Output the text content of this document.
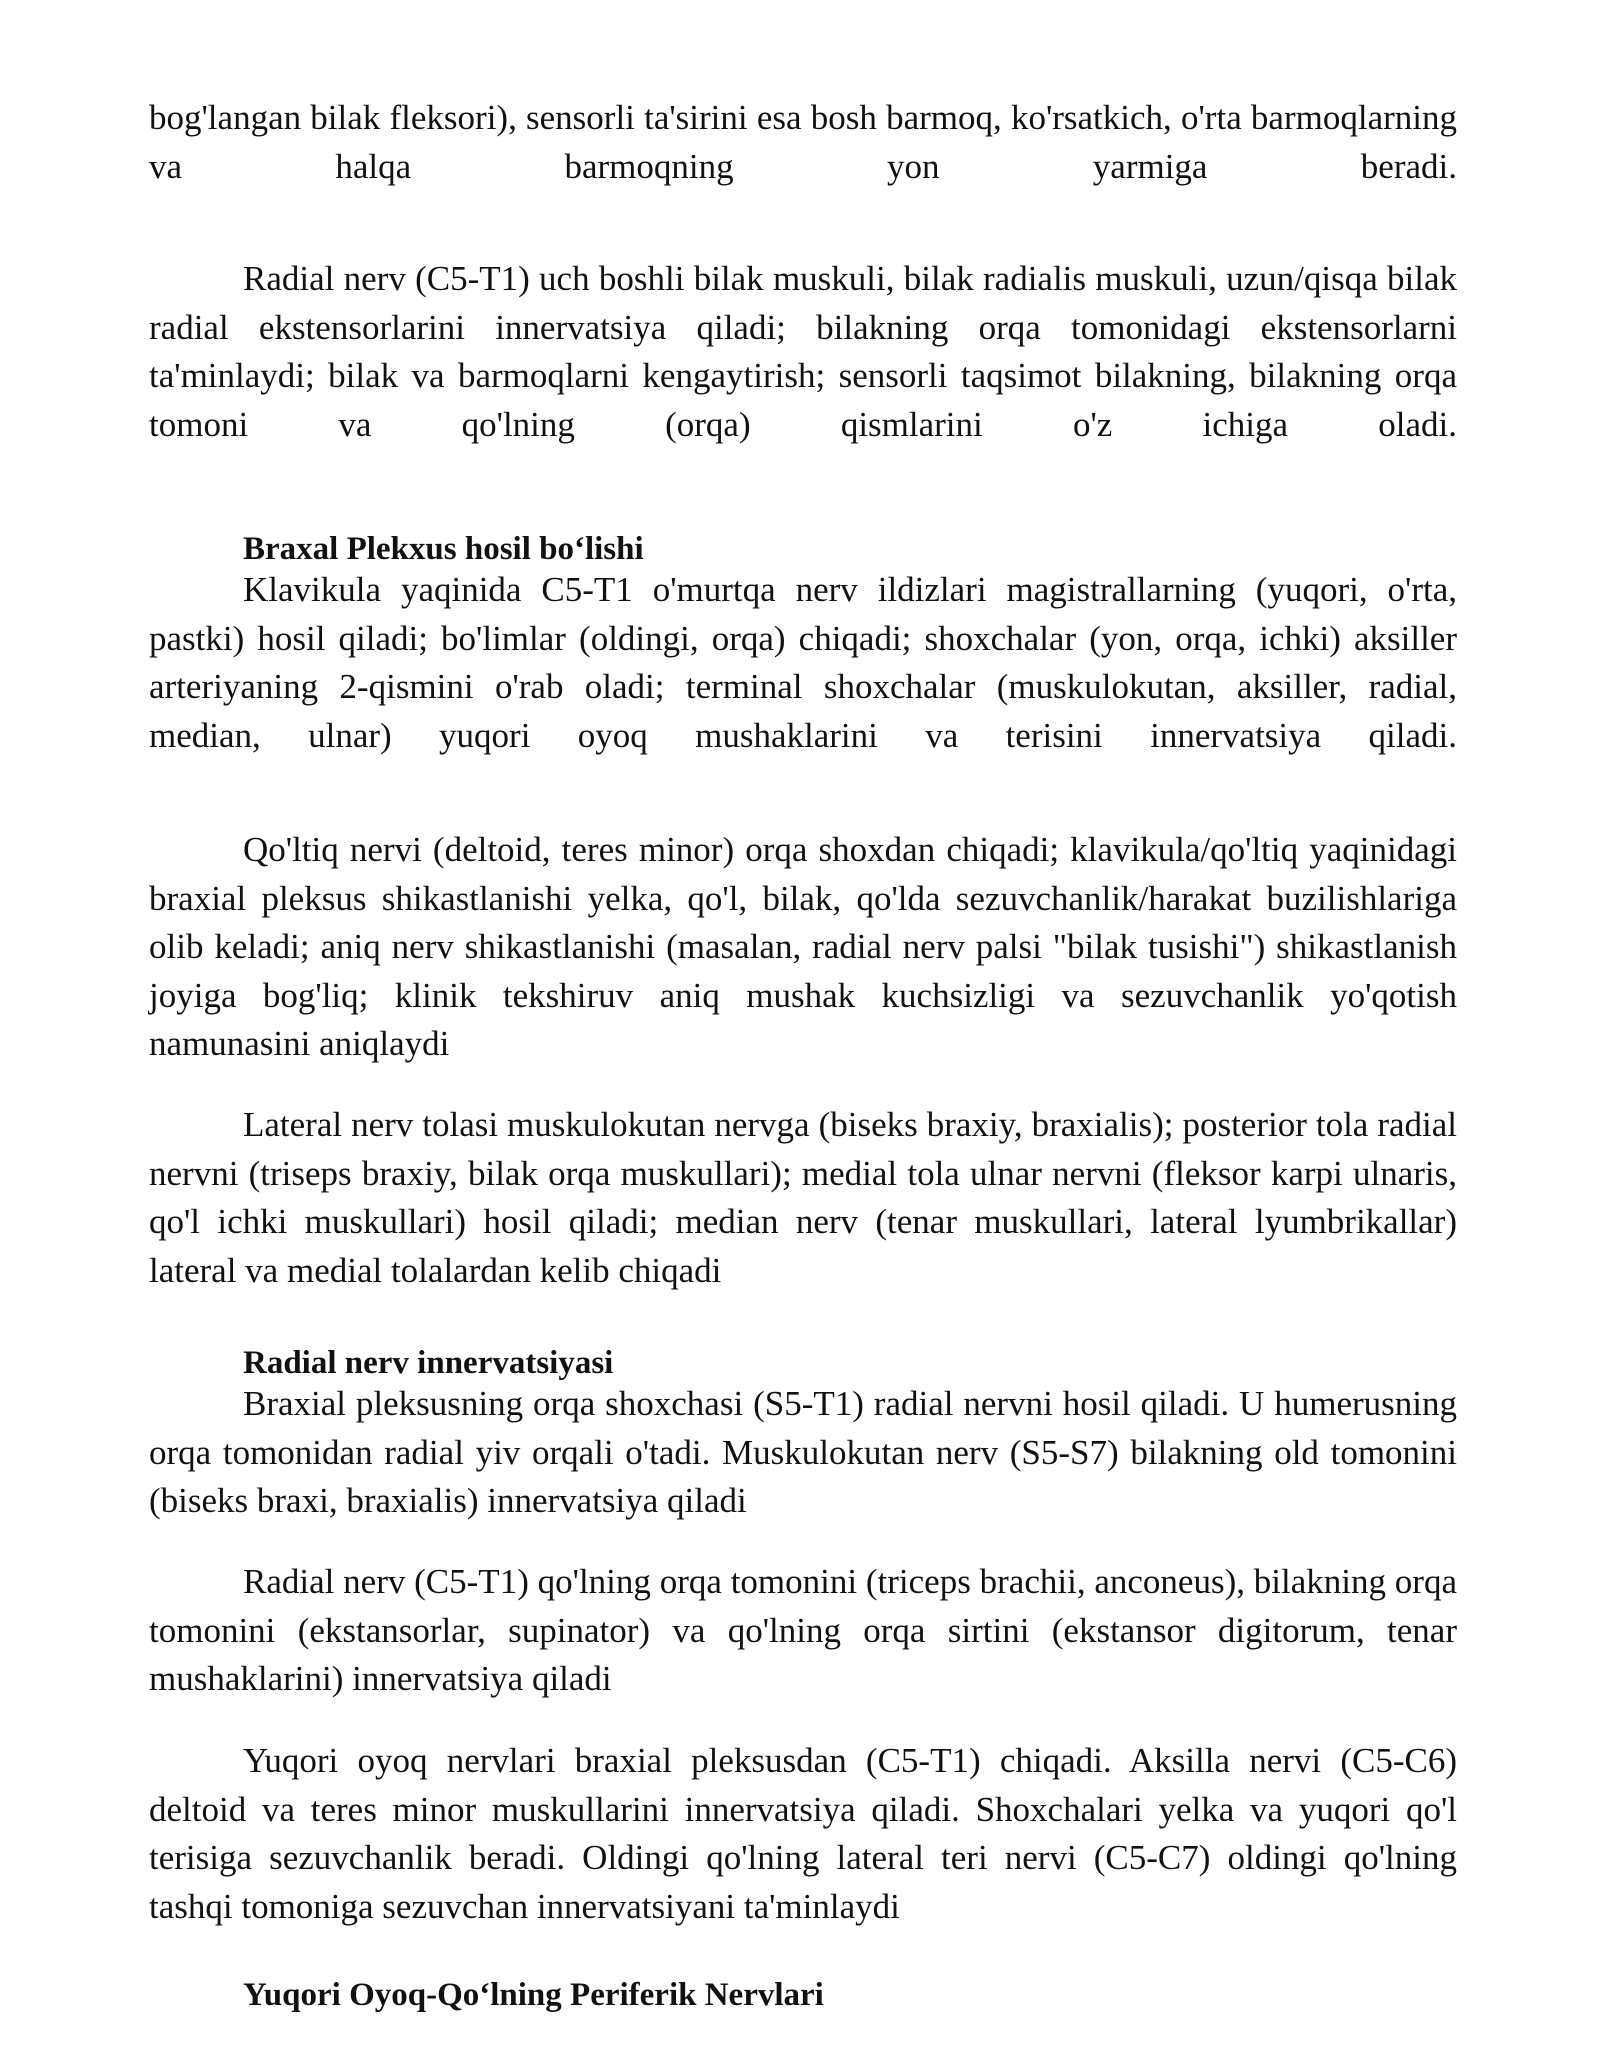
bog'langan bilak fleksori), sensorli ta'sirini esa bosh barmoq, ko'rsatkich, o'rta barmoqlarning va halqa barmoqning yon yarmiga beradi.

Radial nerv (C5-T1) uch boshli bilak muskuli, bilak radialis muskuli, uzun/qisqa bilak radial ekstensorlarini innervatsiya qiladi; bilakning orqa tomonidagi ekstensorlarni ta'minlaydi; bilak va barmoqlarni kengaytirish; sensorli taqsimot bilakning, bilakning orqa tomoni va qo'lning (orqa) qismlarini o'z ichiga oladi.

Braxal Plekxus hosil bo‘lishi

Klavikula yaqinida C5-T1 o'murtqa nerv ildizlari magistrallarning (yuqori, o'rta, pastki) hosil qiladi; bo'limlar (oldingi, orqa) chiqadi; shoxchalar (yon, orqa, ichki) aksiller arteriyaning 2-qismini o'rab oladi; terminal shoxchalar (muskulokutan, aksiller, radial, median, ulnar) yuqori oyoq mushaklarini va terisini innervatsiya qiladi.

Qo'ltiq nervi (deltoid, teres minor) orqa shoxdan chiqadi; klavikula/qo'ltiq yaqinidagi braxial pleksus shikastlanishi yelka, qo'l, bilak, qo'lda sezuvchanlik/harakat buzilishlariga olib keladi; aniq nerv shikastlanishi (masalan, radial nerv palsi "bilak tusishi") shikastlanish joyiga bog'liq; klinik tekshiruv aniq mushak kuchsizligi va sezuvchanlik yo'qotish namunasini aniqlaydi

Lateral nerv tolasi muskulokutan nervga (biseks braxiy, braxialis); posterior tola radial nervni (triseps braxiy, bilak orqa muskullari); medial tola ulnar nervni (fleksor karpi ulnaris, qo'l ichki muskullari) hosil qiladi; median nerv (tenar muskullari, lateral lyumbrikallar) lateral va medial tolalardan kelib chiqadi

Radial nerv innervatsiyasi

Braxial pleksusning orqa shoxchasi (S5-T1) radial nervni hosil qiladi. U humerusning orqa tomonidan radial yiv orqali o'tadi. Muskulokutan nerv (S5-S7) bilakning old tomonini (biseks braxi, braxialis) innervatsiya qiladi

Radial nerv (C5-T1) qo'lning orqa tomonini (triceps brachii, anconeus), bilakning orqa tomonini (ekstansorlar, supinator) va qo'lning orqa sirtini (ekstansor digitorum, tenar mushaklarini) innervatsiya qiladi

Yuqori oyoq nervlari braxial pleksusdan (C5-T1) chiqadi. Aksilla nervi (C5-C6) deltoid va teres minor muskullarini innervatsiya qiladi. Shoxchalari yelka va yuqori qo'l terisiga sezuvchanlik beradi. Oldingi qo'lning lateral teri nervi (C5-C7) oldingi qo'lning tashqi tomoniga sezuvchan innervatsiyani ta'minlaydi

Yuqori Oyoq-Qo‘lning Periferik Nervlari
